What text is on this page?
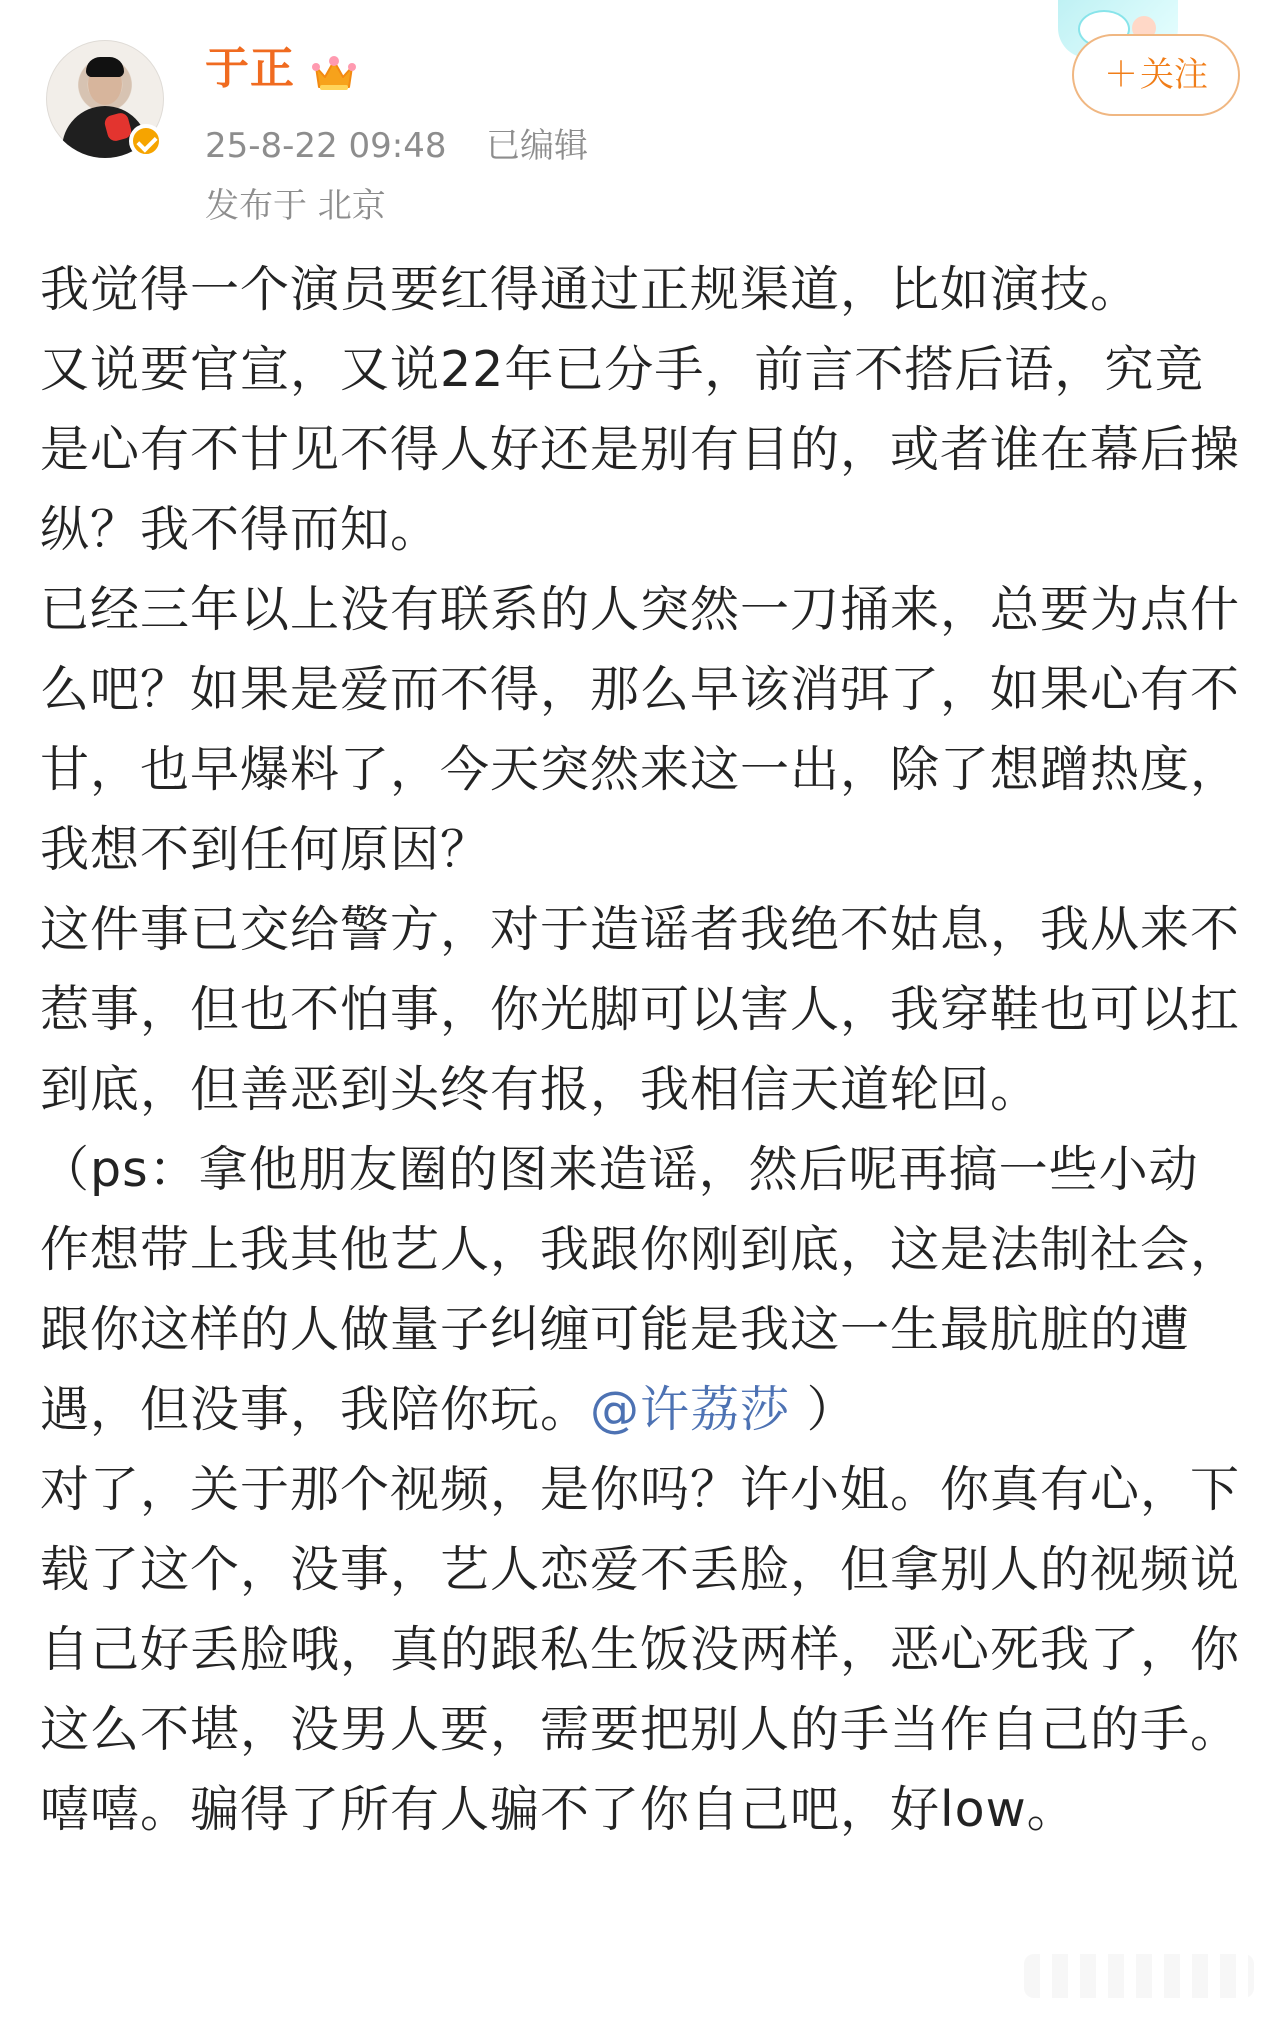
于正
25-8-22 09:48 已编辑
发布于 北京
＋关注

我觉得一个演员要红得通过正规渠道，比如演技。

又说要官宣，又说22年已分手，前言不搭后语，究竟是心有不甘见不得人好还是别有目的，或者谁在幕后操纵？我不得而知。

已经三年以上没有联系的人突然一刀捅来，总要为点什么吧？如果是爱而不得，那么早该消弭了，如果心有不甘，也早爆料了，今天突然来这一出，除了想蹭热度，我想不到任何原因？

这件事已交给警方，对于造谣者我绝不姑息，我从来不惹事，但也不怕事，你光脚可以害人，我穿鞋也可以扛到底，但善恶到头终有报，我相信天道轮回。

（ps：拿他朋友圈的图来造谣，然后呢再搞一些小动作想带上我其他艺人，我跟你刚到底，这是法制社会，跟你这样的人做量子纠缠可能是我这一生最肮脏的遭遇，但没事，我陪你玩。@许荔莎 ）

对了，关于那个视频，是你吗？许小姐。你真有心，下载了这个，没事，艺人恋爱不丢脸，但拿别人的视频说自己好丢脸哦，真的跟私生饭没两样，恶心死我了，你这么不堪，没男人要，需要把别人的手当作自己的手。嘻嘻。骗得了所有人骗不了你自己吧，好low。
